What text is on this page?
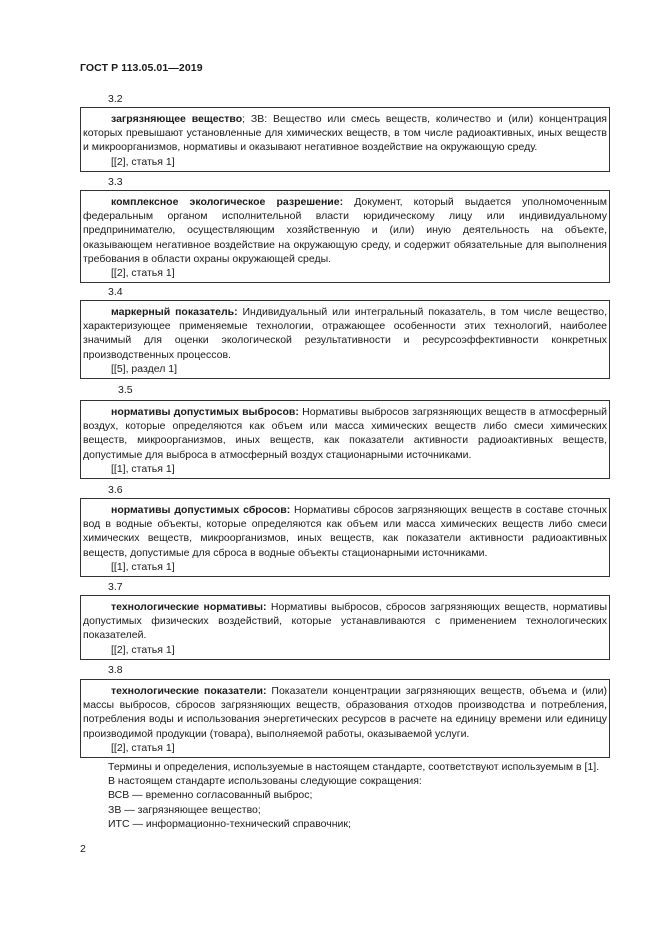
ГОСТ Р 113.05.01—2019
3.2

загрязняющее вещество; ЗВ: Вещество или смесь веществ, количество и (или) концентрация которых превышают установленные для химических веществ, в том числе радиоактивных, иных веществ и микроорганизмов, нормативы и оказывают негативное воздействие на окружающую среду.

[[2], статья 1]

3.3

комплексное экологическое разрешение: Документ, который выдается уполномоченным федеральным органом исполнительной власти юридическому лицу или индивидуальному предпринимателю, осуществляющим хозяйственную и (или) иную деятельность на объекте, оказывающем негативное воздействие на окружающую среду, и содержит обязательные для выполнения требования в области охраны окружающей среды.

[[2], статья 1]

3.4

маркерный показатель: Индивидуальный или интегральный показатель, в том числе вещество, характеризующее применяемые технологии, отражающее особенности этих технологий, наиболее значимый для оценки экологической результативности и ресурсоэффективности конкретных производственных процессов.

[[5], раздел 1]

3.5

нормативы допустимых выбросов: Нормативы выбросов загрязняющих веществ в атмосферный воздух, которые определяются как объем или масса химических веществ либо смеси химических веществ, микроорганизмов, иных веществ, как показатели активности радиоактивных веществ, допустимые для выброса в атмосферный воздух стационарными источниками.

[[1], статья 1]

3.6

нормативы допустимых сбросов: Нормативы сбросов загрязняющих веществ в составе сточных вод в водные объекты, которые определяются как объем или масса химических веществ либо смеси химических веществ, микроорганизмов, иных веществ, как показатели активности радиоактивных веществ, допустимые для сброса в водные объекты стационарными источниками.

[[1], статья 1]

3.7

технологические нормативы: Нормативы выбросов, сбросов загрязняющих веществ, нормативы допустимых физических воздействий, которые устанавливаются с применением технологических показателей.

[[2], статья 1]

3.8

технологические показатели: Показатели концентрации загрязняющих веществ, объема и (или) массы выбросов, сбросов загрязняющих веществ, образования отходов производства и потребления, потребления воды и использования энергетических ресурсов в расчете на единицу времени или единицу производимой продукции (товара), выполняемой работы, оказываемой услуги.

[[2], статья 1]

Термины и определения, используемые в настоящем стандарте, соответствуют используемым в [1].

В настоящем стандарте использованы следующие сокращения:

ВСВ — временно согласованный выброс;

ЗВ — загрязняющее вещество;

ИТС — информационно-технический справочник;

2
